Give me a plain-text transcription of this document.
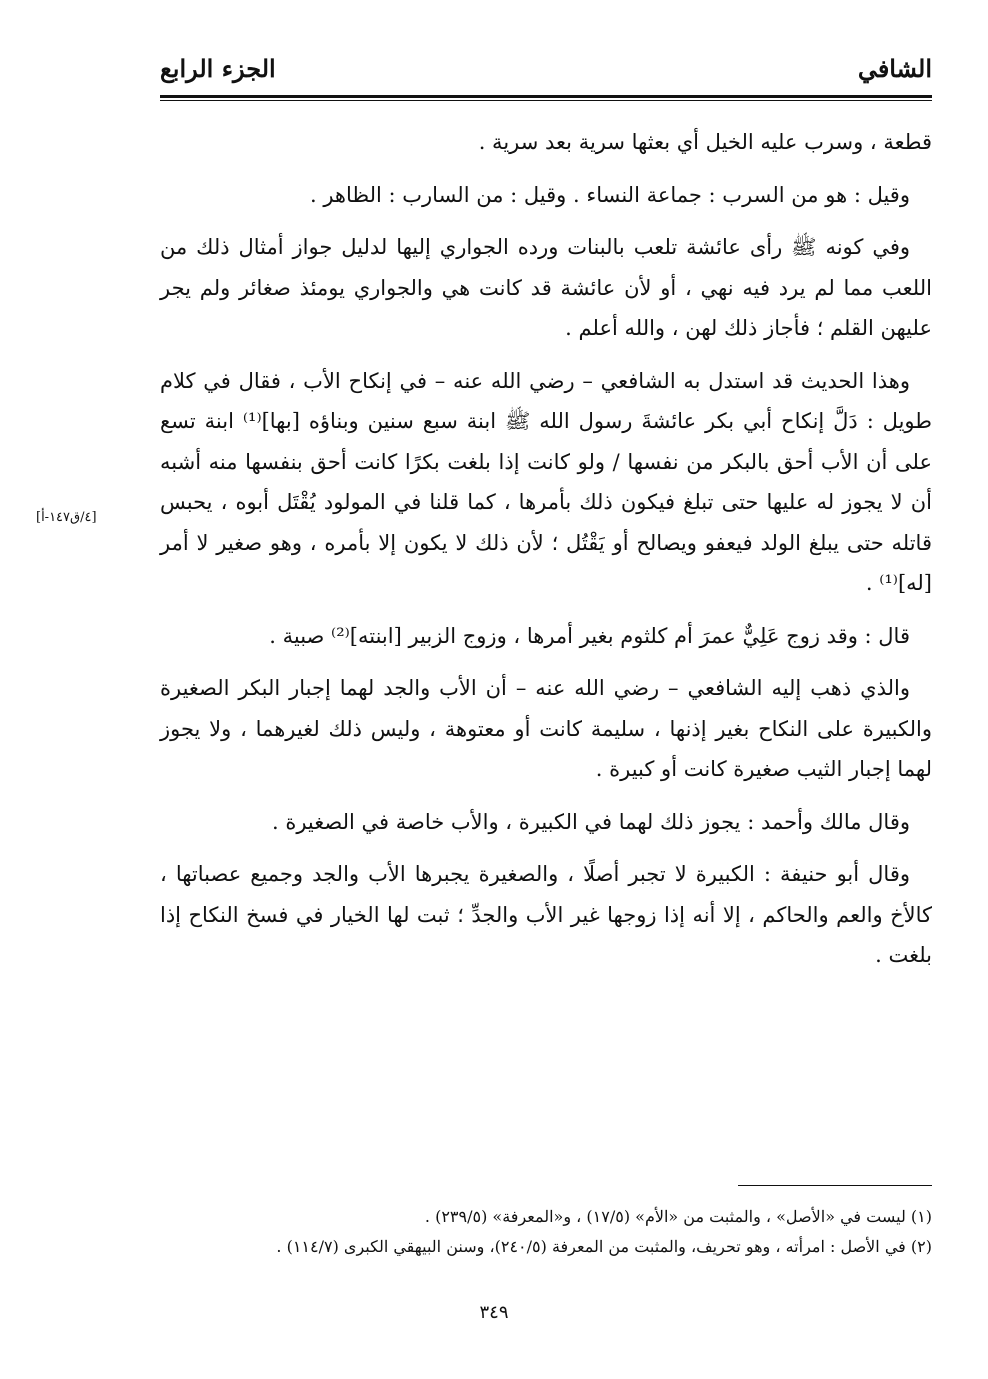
الشافي
الجزء الرابع

قطعة ، وسرب عليه الخيل أي بعثها سرية بعد سرية .

وقيل : هو من السرب : جماعة النساء . وقيل : من السارب : الظاهر .

وفي كونه ﷺ رأى عائشة تلعب بالبنات ورده الجواري إليها لدليل جواز أمثال ذلك من اللعب مما لم يرد فيه نهي ، أو لأن عائشة قد كانت هي والجواري يومئذ صغائر ولم يجر عليهن القلم ؛ فأجاز ذلك لهن ، والله أعلم .

وهذا الحديث قد استدل به الشافعي – رضي الله عنه – في إنكاح الأب ، فقال في كلام طويل : دَلَّ إنكاح أبي بكر عائشةَ رسول الله ﷺ ابنة سبع سنين وبناؤه [بها]⁽¹⁾ ابنة تسع على أن الأب أحق بالبكر من نفسها / ولو كانت إذا بلغت بكرًا كانت أحق بنفسها منه أشبه أن لا يجوز له عليها حتى تبلغ فيكون ذلك بأمرها ، كما قلنا في المولود يُقْتَل أبوه ، يحبس قاتله حتى يبلغ الولد فيعفو ويصالح أو يَقْتُل ؛ لأن ذلك لا يكون إلا بأمره ، وهو صغير لا أمر [له]⁽¹⁾ .

قال : وقد زوج عَلِيٌّ عمرَ أم كلثوم بغير أمرها ، وزوج الزبير [ابنته]⁽²⁾ صبية .

والذي ذهب إليه الشافعي – رضي الله عنه – أن الأب والجد لهما إجبار البكر الصغيرة والكبيرة على النكاح بغير إذنها ، سليمة كانت أو معتوهة ، وليس ذلك لغيرهما ، ولا يجوز لهما إجبار الثيب صغيرة كانت أو كبيرة .

وقال مالك وأحمد : يجوز ذلك لهما في الكبيرة ، والأب خاصة في الصغيرة .

وقال أبو حنيفة : الكبيرة لا تجبر أصلًا ، والصغيرة يجبرها الأب والجد وجميع عصباتها ، كالأخ والعم والحاكم ، إلا أنه إذا زوجها غير الأب والجدِّ ؛ ثبت لها الخيار في فسخ النكاح إذا بلغت .

[٤/ق١٤٧-أ]
(١) ليست في «الأصل» ، والمثبت من «الأم» (١٧/٥) ، و«المعرفة» (٢٣٩/٥) .
(٢) في الأصل : امرأته ، وهو تحريف، والمثبت من المعرفة (٢٤٠/٥)، وسنن البيهقي الكبرى (١١٤/٧) .
٣٤٩
